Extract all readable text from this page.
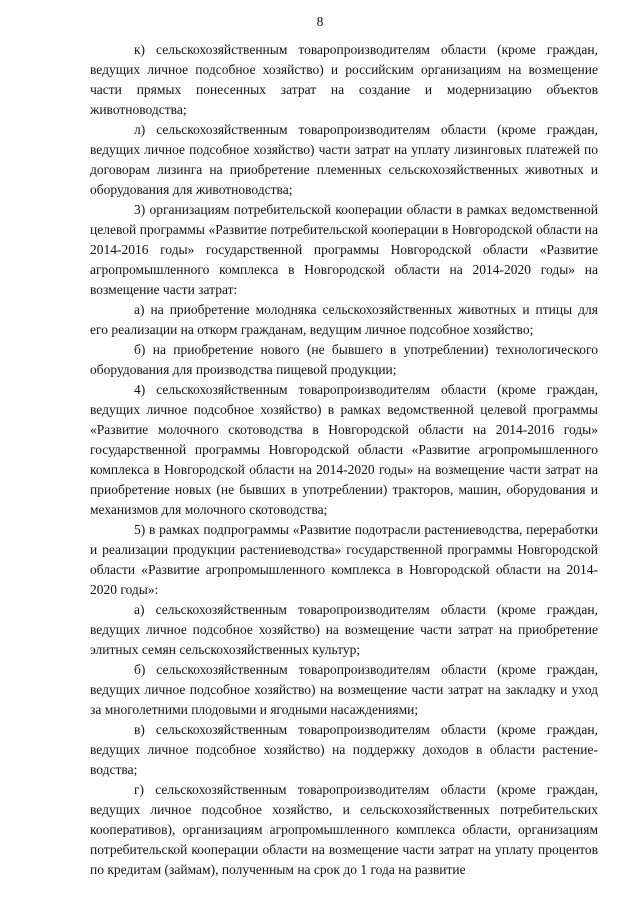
8

к) сельскохозяйственным товаропроизводителям области (кроме граждан, ведущих личное подсобное хозяйство) и российским организациям на возмещение части прямых понесенных затрат на создание и модернизацию объектов животноводства;

л) сельскохозяйственным товаропроизводителям области (кроме граждан, ведущих личное подсобное хозяйство) части затрат на уплату лизинговых платежей по договорам лизинга на приобретение племенных сельскохозяйственных животных и оборудования для животноводства;

3) организациям потребительской кооперации области в рамках ведомственной целевой программы «Развитие потребительской кооперации в Новгородской области на 2014-2016 годы» государственной программы Новгородской области «Развитие агропромышленного комплекса в Новгородской области на 2014-2020 годы» на возмещение части затрат:

а) на приобретение молодняка сельскохозяйственных животных и птицы для его реализации на откорм гражданам, ведущим личное подсобное хозяйство;

б) на приобретение нового (не бывшего в употреблении) технологического оборудования для производства пищевой продукции;

4) сельскохозяйственным товаропроизводителям области (кроме граждан, ведущих личное подсобное хозяйство) в рамках ведомственной целевой программы «Развитие молочного скотоводства в Новгородской области на 2014-2016 годы» государственной программы Новгородской области «Развитие агропромышленного комплекса в Новгородской области на 2014-2020 годы» на возмещение части затрат на приобретение новых (не бывших в употреблении) тракторов, машин, оборудования и механизмов для молочного скотоводства;

5) в рамках подпрограммы «Развитие подотрасли растениеводства, переработки и реализации продукции растениеводства» государственной программы Новгородской области «Развитие агропромышленного комплекса в Новгородской области на 2014-2020 годы»:

а) сельскохозяйственным товаропроизводителям области (кроме граждан, ведущих личное подсобное хозяйство) на возмещение части затрат на приобретение элитных семян сельскохозяйственных культур;

б) сельскохозяйственным товаропроизводителям области (кроме граждан, ведущих личное подсобное хозяйство) на возмещение части затрат на закладку и уход за многолетними плодовыми и ягодными насаждениями;

в) сельскохозяйственным товаропроизводителям области (кроме граждан, ведущих личное подсобное хозяйство) на поддержку доходов в области растениеводства;

г) сельскохозяйственным товаропроизводителям области (кроме граждан, ведущих личное подсобное хозяйство, и сельскохозяйственных потребительских кооперативов), организациям агропромышленного комплекса области, организациям потребительской кооперации области на возмещение части затрат на уплату процентов по кредитам (займам), полученным на срок до 1 года на развитие
